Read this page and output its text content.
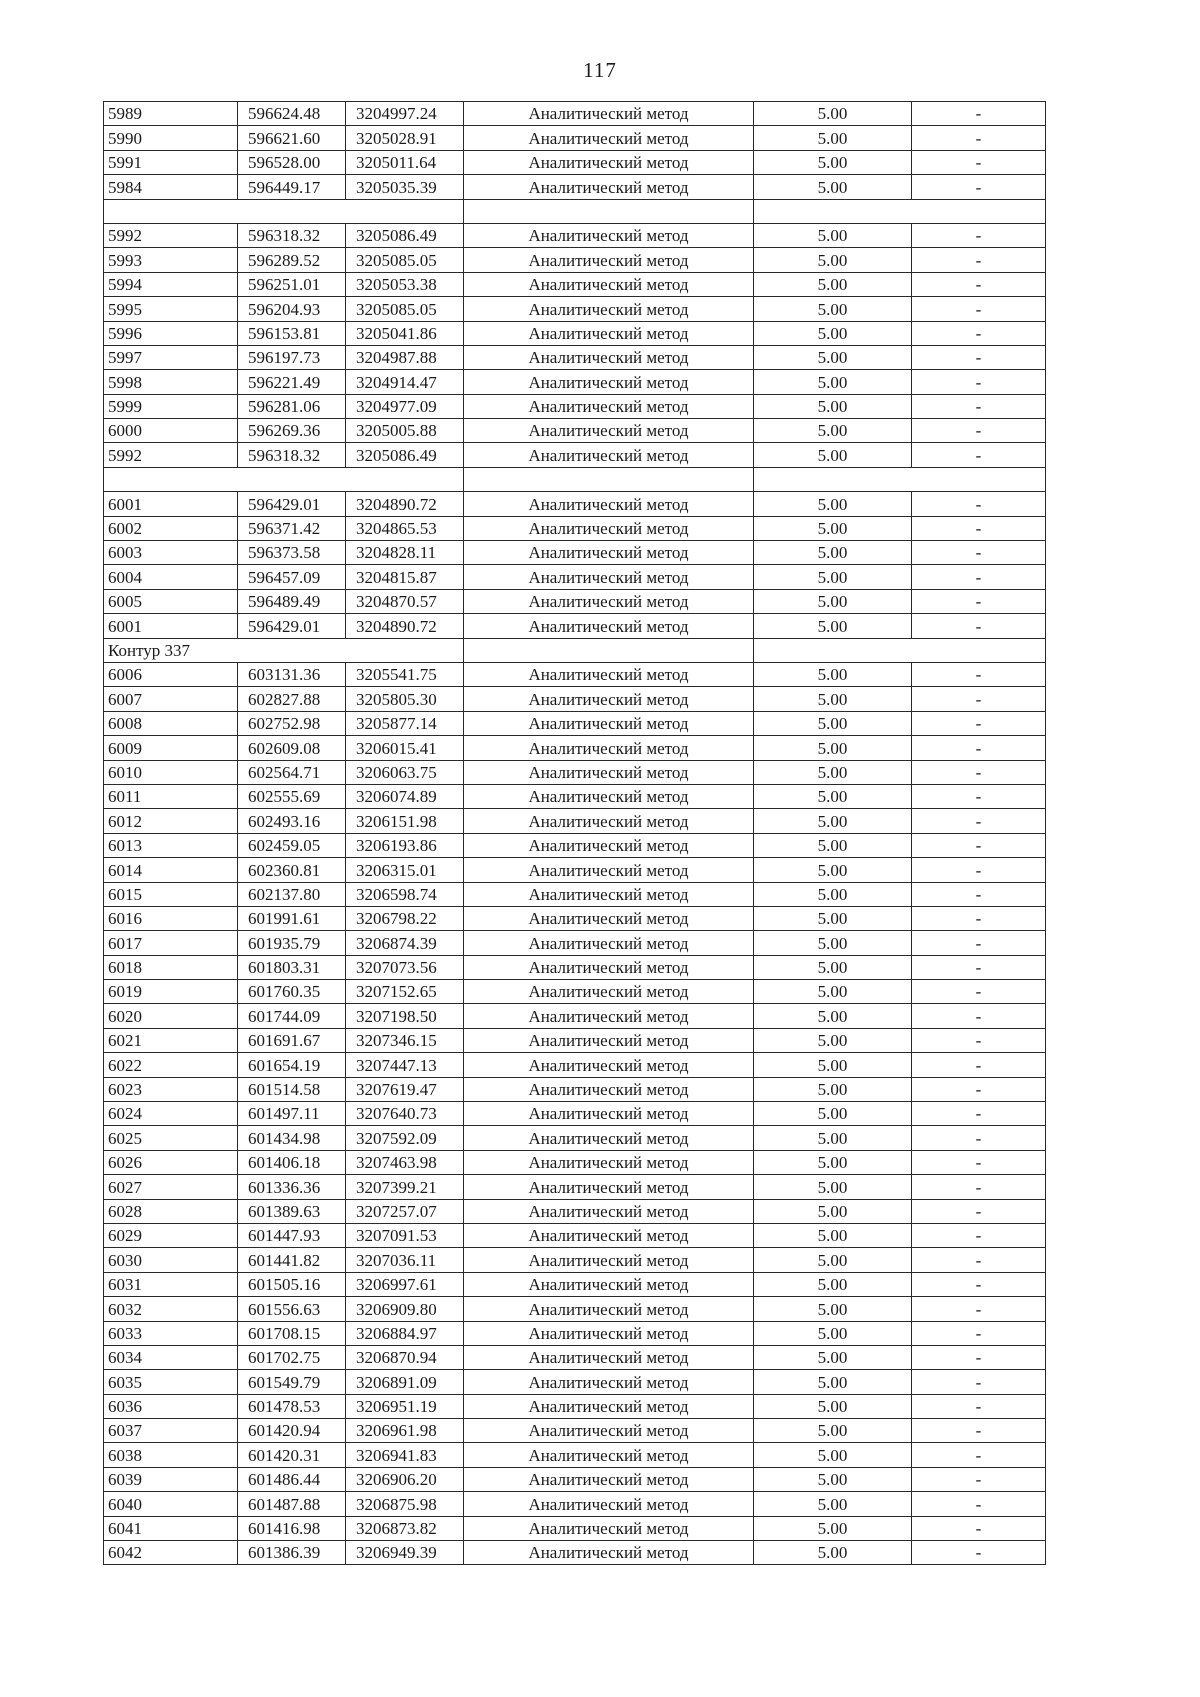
117
5989	596624.48	3204997.24	Аналитический метод	5.00	-
5990	596621.60	3205028.91	Аналитический метод	5.00	-
5991	596528.00	3205011.64	Аналитический метод	5.00	-
5984	596449.17	3205035.39	Аналитический метод	5.00	-

5992	596318.32	3205086.49	Аналитический метод	5.00	-
5993	596289.52	3205085.05	Аналитический метод	5.00	-
5994	596251.01	3205053.38	Аналитический метод	5.00	-
5995	596204.93	3205085.05	Аналитический метод	5.00	-
5996	596153.81	3205041.86	Аналитический метод	5.00	-
5997	596197.73	3204987.88	Аналитический метод	5.00	-
5998	596221.49	3204914.47	Аналитический метод	5.00	-
5999	596281.06	3204977.09	Аналитический метод	5.00	-
6000	596269.36	3205005.88	Аналитический метод	5.00	-
5992	596318.32	3205086.49	Аналитический метод	5.00	-

6001	596429.01	3204890.72	Аналитический метод	5.00	-
6002	596371.42	3204865.53	Аналитический метод	5.00	-
6003	596373.58	3204828.11	Аналитический метод	5.00	-
6004	596457.09	3204815.87	Аналитический метод	5.00	-
6005	596489.49	3204870.57	Аналитический метод	5.00	-
6001	596429.01	3204890.72	Аналитический метод	5.00	-
Контур 337					
6006	603131.36	3205541.75	Аналитический метод	5.00	-
6007	602827.88	3205805.30	Аналитический метод	5.00	-
6008	602752.98	3205877.14	Аналитический метод	5.00	-
6009	602609.08	3206015.41	Аналитический метод	5.00	-
6010	602564.71	3206063.75	Аналитический метод	5.00	-
6011	602555.69	3206074.89	Аналитический метод	5.00	-
6012	602493.16	3206151.98	Аналитический метод	5.00	-
6013	602459.05	3206193.86	Аналитический метод	5.00	-
6014	602360.81	3206315.01	Аналитический метод	5.00	-
6015	602137.80	3206598.74	Аналитический метод	5.00	-
6016	601991.61	3206798.22	Аналитический метод	5.00	-
6017	601935.79	3206874.39	Аналитический метод	5.00	-
6018	601803.31	3207073.56	Аналитический метод	5.00	-
6019	601760.35	3207152.65	Аналитический метод	5.00	-
6020	601744.09	3207198.50	Аналитический метод	5.00	-
6021	601691.67	3207346.15	Аналитический метод	5.00	-
6022	601654.19	3207447.13	Аналитический метод	5.00	-
6023	601514.58	3207619.47	Аналитический метод	5.00	-
6024	601497.11	3207640.73	Аналитический метод	5.00	-
6025	601434.98	3207592.09	Аналитический метод	5.00	-
6026	601406.18	3207463.98	Аналитический метод	5.00	-
6027	601336.36	3207399.21	Аналитический метод	5.00	-
6028	601389.63	3207257.07	Аналитический метод	5.00	-
6029	601447.93	3207091.53	Аналитический метод	5.00	-
6030	601441.82	3207036.11	Аналитический метод	5.00	-
6031	601505.16	3206997.61	Аналитический метод	5.00	-
6032	601556.63	3206909.80	Аналитический метод	5.00	-
6033	601708.15	3206884.97	Аналитический метод	5.00	-
6034	601702.75	3206870.94	Аналитический метод	5.00	-
6035	601549.79	3206891.09	Аналитический метод	5.00	-
6036	601478.53	3206951.19	Аналитический метод	5.00	-
6037	601420.94	3206961.98	Аналитический метод	5.00	-
6038	601420.31	3206941.83	Аналитический метод	5.00	-
6039	601486.44	3206906.20	Аналитический метод	5.00	-
6040	601487.88	3206875.98	Аналитический метод	5.00	-
6041	601416.98	3206873.82	Аналитический метод	5.00	-
6042	601386.39	3206949.39	Аналитический метод	5.00	-
